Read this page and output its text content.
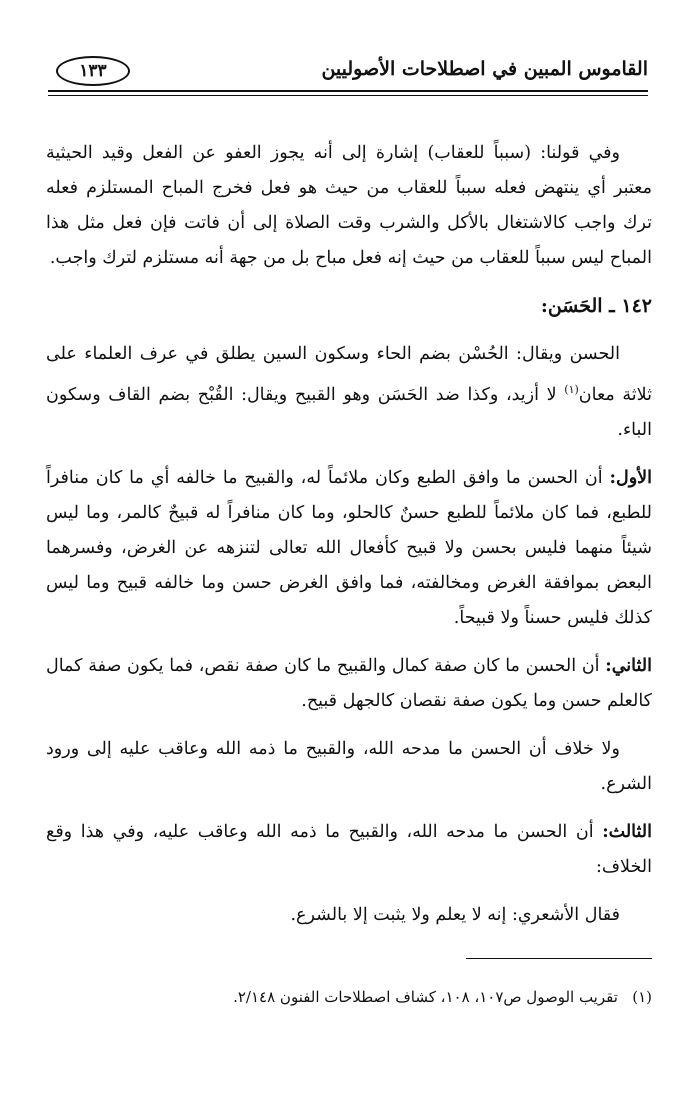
القاموس المبين في اصطلاحات الأصوليين
١٣٣

وفي قولنا: (سبباً للعقاب) إشارة إلى أنه يجوز العفو عن الفعل وقيد الحيثية معتبر أي ينتهض فعله سبباً للعقاب من حيث هو فعل فخرج المباح المستلزم فعله ترك واجب كالاشتغال بالأكل والشرب وقت الصلاة إلى أن فاتت فإن فعل مثل هذا المباح ليس سبباً للعقاب من حيث إنه فعل مباح بل من جهة أنه مستلزم لترك واجب.

١٤٢ ـ الحَسَن:

الحسن ويقال: الحُسْن بضم الحاء وسكون السين يطلق في عرف العلماء على ثلاثة معان$^{(١)}$ لا أزيد، وكذا ضد الحَسَن وهو القبيح ويقال: القُبْح بضم القاف وسكون الباء.

الأول: أن الحسن ما وافق الطبع وكان ملائماً له، والقبيح ما خالفه أي ما كان منافراً للطبع، فما كان ملائماً للطبع حسنٌ كالحلو، وما كان منافراً له قبيحٌ كالمر، وما ليس شيئاً منهما فليس بحسن ولا قبيح كأفعال الله تعالى لتنزهه عن الغرض، وفسرهما البعض بموافقة الغرض ومخالفته، فما وافق الغرض حسن وما خالفه قبيح وما ليس كذلك فليس حسناً ولا قبيحاً.

الثاني: أن الحسن ما كان صفة كمال والقبيح ما كان صفة نقص، فما يكون صفة كمال كالعلم حسن وما يكون صفة نقصان كالجهل قبيح.

ولا خلاف أن الحسن ما مدحه الله، والقبيح ما ذمه الله وعاقب عليه إلى ورود الشرع.

الثالث: أن الحسن ما مدحه الله، والقبيح ما ذمه الله وعاقب عليه، وفي هذا وقع الخلاف:

فقال الأشعري: إنه لا يعلم ولا يثبت إلا بالشرع.

(١)   تقريب الوصول ص١٠٧، ١٠٨، كشاف اصطلاحات الفنون ٢/١٤٨.
